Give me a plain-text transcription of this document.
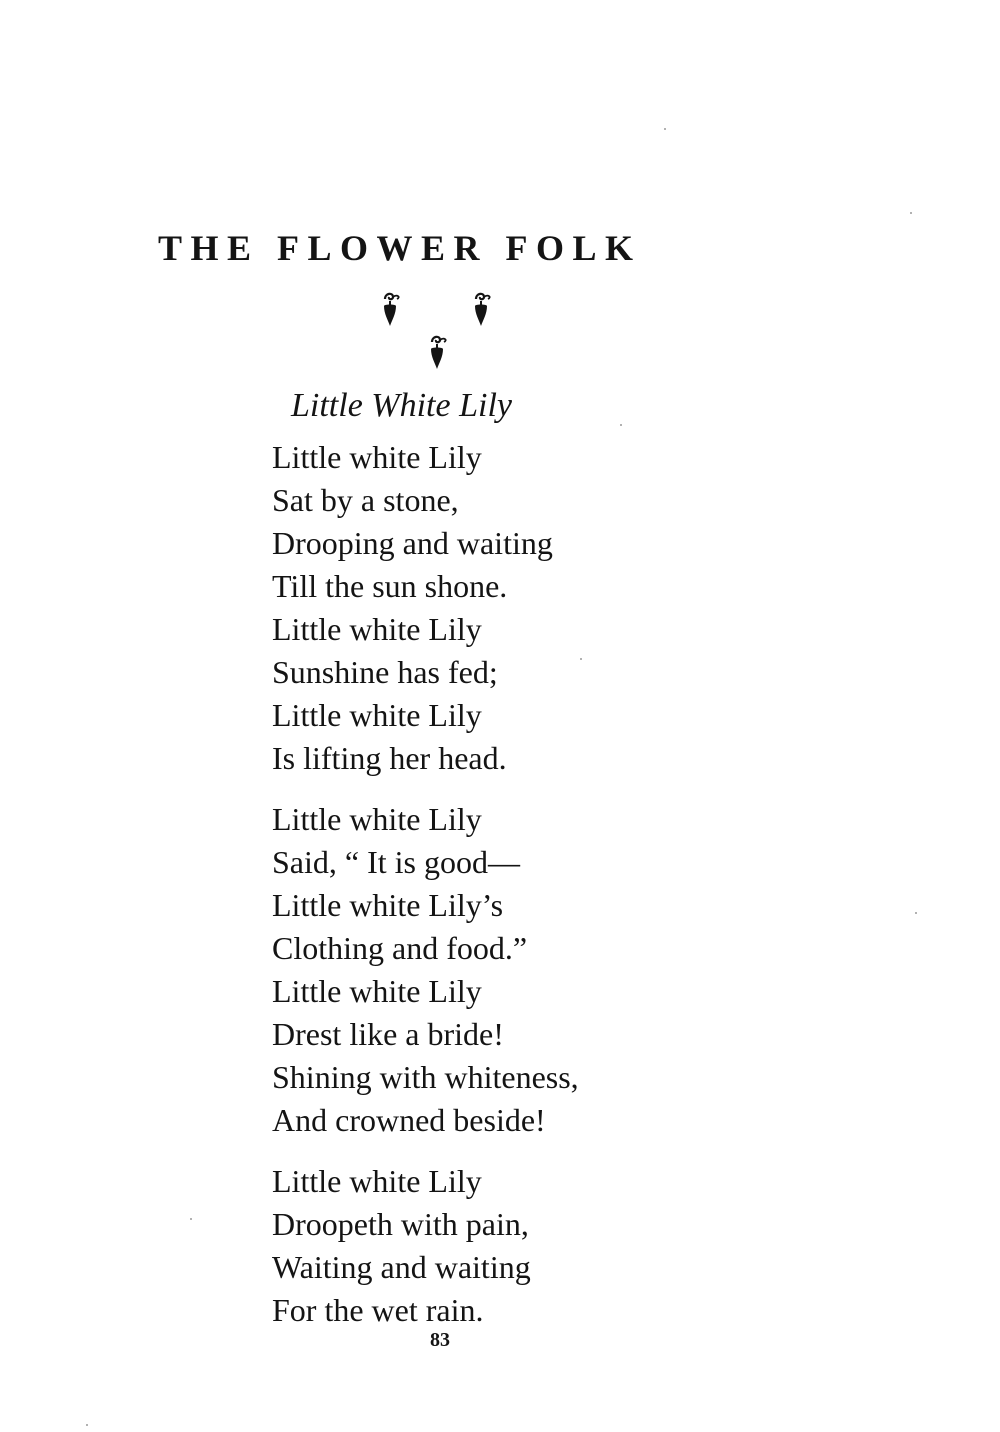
THE FLOWER FOLK
Little White Lily
Little white Lily
Sat by a stone,
Drooping and waiting
Till the sun shone.
Little white Lily
Sunshine has fed;
Little white Lily
Is lifting her head.
Little white Lily
Said, “ It is good—
Little white Lily’s
Clothing and food.”
Little white Lily
Drest like a bride!
Shining with whiteness,
And crowned beside!
Little white Lily
Droopeth with pain,
Waiting and waiting
For the wet rain.
83
